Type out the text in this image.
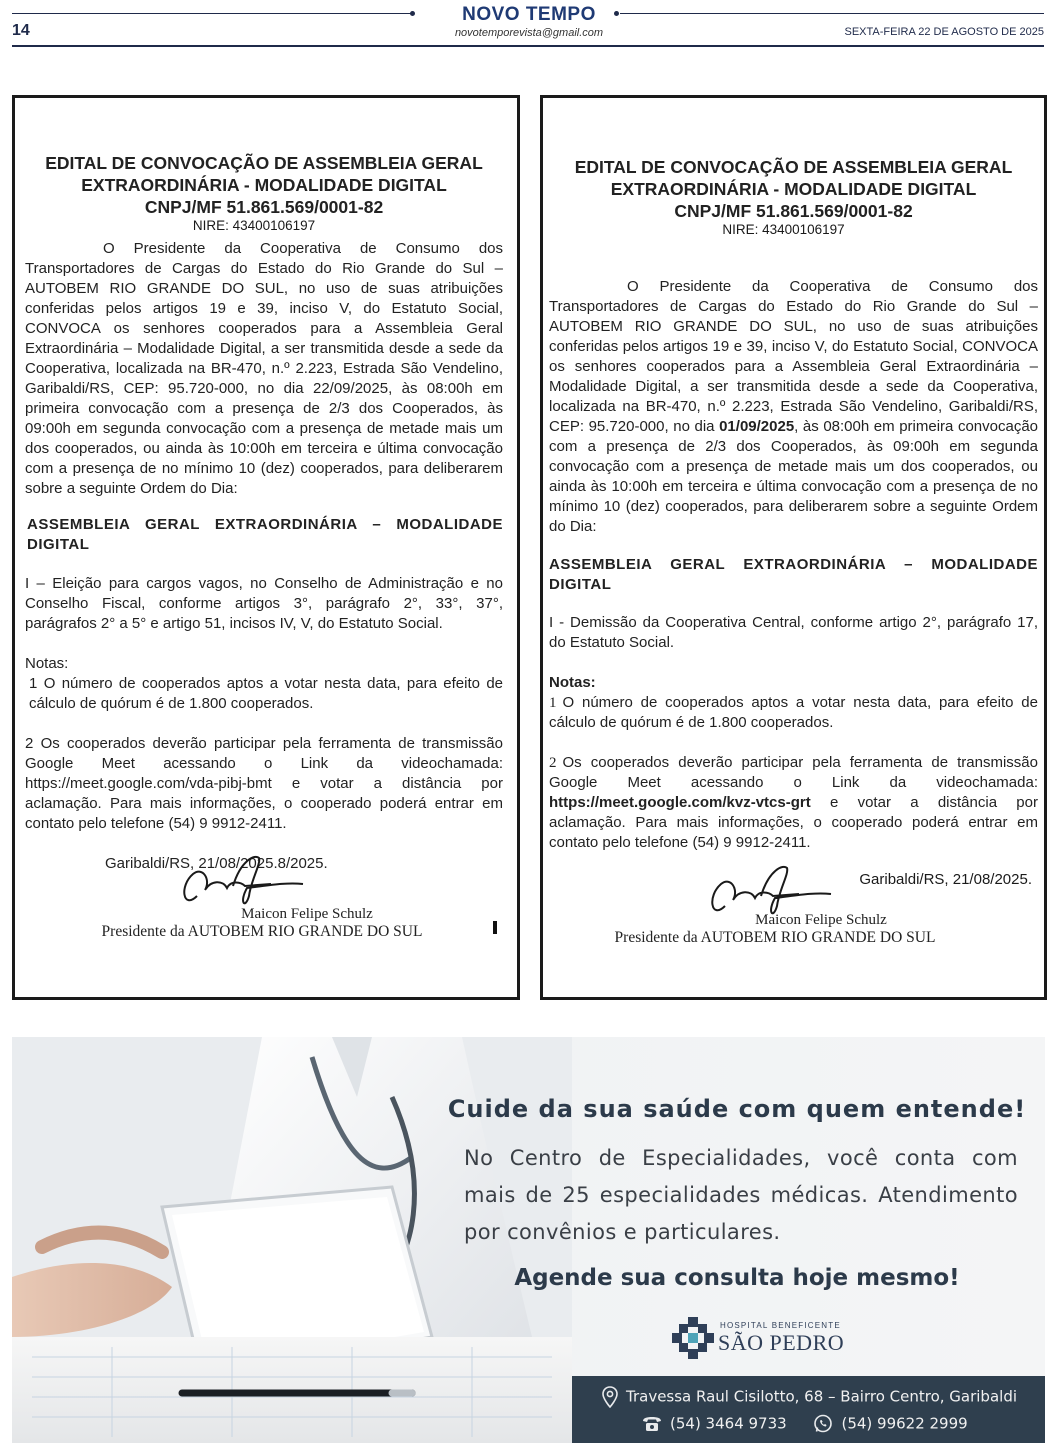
14
NOVO TEMPO
novotemporevista@gmail.com	SEXTA-FEIRA 22 DE AGOSTO DE 2025
EDITAL DE CONVOCAÇÃO DE ASSEMBLEIA GERAL
EXTRAORDINÁRIA - MODALIDADE DIGITAL
CNPJ/MF 51.861.569/0001-82
NIRE: 43400106197

O Presidente da Cooperativa de Consumo dos Transportadores de Cargas do Estado do Rio Grande do Sul – AUTOBEM RIO GRANDE DO SUL, no uso de suas atribuições conferidas pelos artigos 19 e 39, inciso V, do Estatuto Social, CONVOCA os senhores cooperados para a Assembleia Geral Extraordinária – Modalidade Digital, a ser transmitida desde a sede da Cooperativa, localizada na BR-470, n.º 2.223, Estrada São Vendelino, Garibaldi/RS, CEP: 95.720-000, no dia 22/09/2025, às 08:00h em primeira convocação com a presença de 2/3 dos Cooperados, às 09:00h em segunda convocação com a presença de metade mais um dos cooperados, ou ainda às 10:00h em terceira e última convocação com a presença de no mínimo 10 (dez) cooperados, para deliberarem sobre a seguinte Ordem do Dia:

ASSEMBLEIA GERAL EXTRAORDINÁRIA – MODALIDADE DIGITAL

I – Eleição para cargos vagos, no Conselho de Administração e no Conselho Fiscal, conforme artigos 3°, parágrafo 2°, 33°, 37°, parágrafos 2° a 5° e artigo 51, incisos IV, V, do Estatuto Social.

Notas:

1 O número de cooperados aptos a votar nesta data, para efeito de cálculo de quórum é de 1.800 cooperados.

2 Os cooperados deverão participar pela ferramenta de transmissão Google Meet acessando o Link da videochamada: https://meet.google.com/vda-pibj-bmt e votar a distância por aclamação. Para mais informações, o cooperado poderá entrar em contato pelo telefone (54) 9 9912-2411.

Garibaldi/RS, 21/08/2025.8/2025.

Maicon Felipe Schulz
Presidente da AUTOBEM RIO GRANDE DO SUL
EDITAL DE CONVOCAÇÃO DE ASSEMBLEIA GERAL
EXTRAORDINÁRIA - MODALIDADE DIGITAL
CNPJ/MF 51.861.569/0001-82
NIRE: 43400106197

O Presidente da Cooperativa de Consumo dos Transportadores de Cargas do Estado do Rio Grande do Sul – AUTOBEM RIO GRANDE DO SUL, no uso de suas atribuições conferidas pelos artigos 19 e 39, inciso V, do Estatuto Social, CONVOCA os senhores cooperados para a Assembleia Geral Extraordinária – Modalidade Digital, a ser transmitida desde a sede da Cooperativa, localizada na BR-470, n.º 2.223, Estrada São Vendelino, Garibaldi/RS, CEP: 95.720-000, no dia 01/09/2025, às 08:00h em primeira convocação com a presença de 2/3 dos Cooperados, às 09:00h em segunda convocação com a presença de metade mais um dos cooperados, ou ainda às 10:00h em terceira e última convocação com a presença de no mínimo 10 (dez) cooperados, para deliberarem sobre a seguinte Ordem do Dia:

ASSEMBLEIA GERAL EXTRAORDINÁRIA – MODALIDADE DIGITAL

I - Demissão da Cooperativa Central, conforme artigo 2°, parágrafo 17, do Estatuto Social.

Notas:

1 O número de cooperados aptos a votar nesta data, para efeito de cálculo de quórum é de 1.800 cooperados.

2 Os cooperados deverão participar pela ferramenta de transmissão Google Meet acessando o Link da videochamada: https://meet.google.com/kvz-vtcs-grt e votar a distância por aclamação. Para mais informações, o cooperado poderá entrar em contato pelo telefone (54) 9 9912-2411.

Garibaldi/RS, 21/08/2025.
Maicon Felipe Schulz
Presidente da AUTOBEM RIO GRANDE DO SUL
Cuide da sua saúde com quem entende!
No Centro de Especialidades, você conta com mais de 25 especialidades médicas. Atendimento por convênios e particulares.
Agende sua consulta hoje mesmo!
HOSPITAL BENEFICENTE
SÃO PEDRO
Travessa Raul Cisilotto, 68 – Bairro Centro, Garibaldi
(54) 3464 9733	(54) 99622 2999
